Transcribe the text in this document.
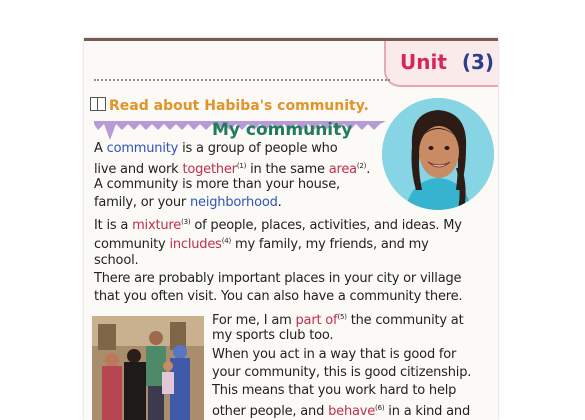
Unit (3)
Read about Habiba's community.
My community
A community is a group of people who
live and work together$^{(1)}$ in the same area$^{(2)}$.
A community is more than your house,
family, or your neighborhood.
It is a mixture$^{(3)}$ of people, places, activities, and ideas. My
community includes$^{(4)}$ my family, my friends, and my
school.
There are probably important places in your city or village
that you often visit. You can also have a community there.
For me, I am part $of^{(5)}$ the community at
my sports club too.
When you act in a way that is good for
your community, this is good citizenship.
This means that you work hard to help
other people, and behave$^{(6)}$ in a kind and
